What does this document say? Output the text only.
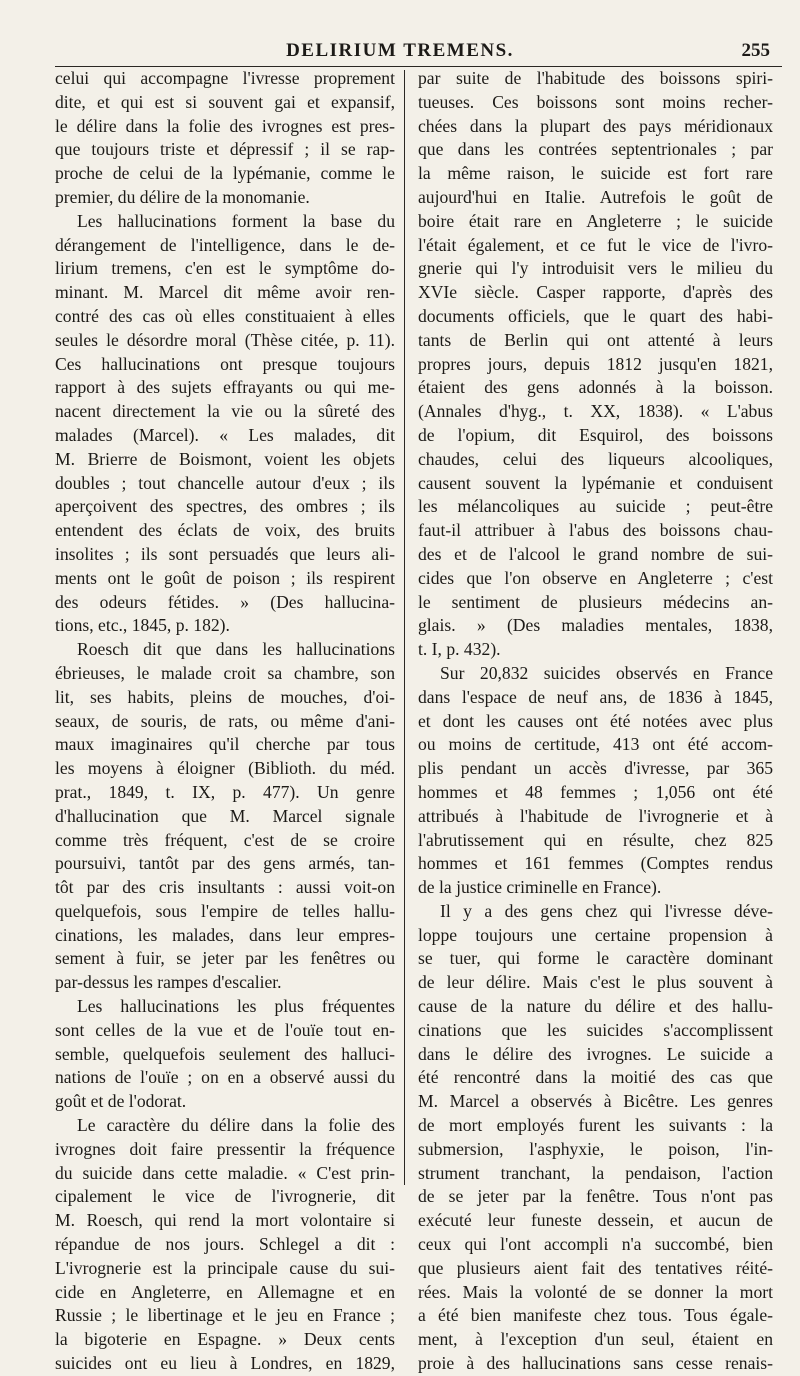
DELIRIUM TREMENS.	255
celui qui accompagne l'ivresse proprement
dite, et qui est si souvent gai et expansif,
le délire dans la folie des ivrognes est pres-
que toujours triste et dépressif ; il se rap-
proche de celui de la lypémanie, comme le
premier, du délire de la monomanie.
Les hallucinations forment la base du
dérangement de l'intelligence, dans le de-
lirium tremens, c'en est le symptôme do-
minant. M. Marcel dit même avoir ren-
contré des cas où elles constituaient à elles
seules le désordre moral (Thèse citée, p. 11).
Ces hallucinations ont presque toujours
rapport à des sujets effrayants ou qui me-
nacent directement la vie ou la sûreté des
malades (Marcel). « Les malades, dit
M. Brierre de Boismont, voient les objets
doubles ; tout chancelle autour d'eux ; ils
aperçoivent des spectres, des ombres ; ils
entendent des éclats de voix, des bruits
insolites ; ils sont persuadés que leurs ali-
ments ont le goût de poison ; ils respirent
des odeurs fétides. » (Des hallucina-
tions, etc., 1845, p. 182).
Roesch dit que dans les hallucinations
ébrieuses, le malade croit sa chambre, son
lit, ses habits, pleins de mouches, d'oi-
seaux, de souris, de rats, ou même d'ani-
maux imaginaires qu'il cherche par tous
les moyens à éloigner (Biblioth. du méd.
prat., 1849, t. IX, p. 477). Un genre
d'hallucination que M. Marcel signale
comme très fréquent, c'est de se croire
poursuivi, tantôt par des gens armés, tan-
tôt par des cris insultants : aussi voit-on
quelquefois, sous l'empire de telles hallu-
cinations, les malades, dans leur empres-
sement à fuir, se jeter par les fenêtres ou
par-dessus les rampes d'escalier.
Les hallucinations les plus fréquentes
sont celles de la vue et de l'ouïe tout en-
semble, quelquefois seulement des halluci-
nations de l'ouïe ; on en a observé aussi du
goût et de l'odorat.
Le caractère du délire dans la folie des
ivrognes doit faire pressentir la fréquence
du suicide dans cette maladie. « C'est prin-
cipalement le vice de l'ivrognerie, dit
M. Roesch, qui rend la mort volontaire si
répandue de nos jours. Schlegel a dit :
L'ivrognerie est la principale cause du sui-
cide en Angleterre, en Allemagne et en
Russie ; le libertinage et le jeu en France ;
la bigoterie en Espagne. » Deux cents
suicides ont eu lieu à Londres, en 1829,
par suite de l'habitude des boissons spiri-
tueuses. Ces boissons sont moins recher-
chées dans la plupart des pays méridionaux
que dans les contrées septentrionales ; par
la même raison, le suicide est fort rare
aujourd'hui en Italie. Autrefois le goût de
boire était rare en Angleterre ; le suicide
l'était également, et ce fut le vice de l'ivro-
gnerie qui l'y introduisit vers le milieu du
XVIe siècle. Casper rapporte, d'après des
documents officiels, que le quart des habi-
tants de Berlin qui ont attenté à leurs
propres jours, depuis 1812 jusqu'en 1821,
étaient des gens adonnés à la boisson.
(Annales d'hyg., t. XX, 1838). « L'abus
de l'opium, dit Esquirol, des boissons
chaudes, celui des liqueurs alcooliques,
causent souvent la lypémanie et conduisent
les mélancoliques au suicide ; peut-être
faut-il attribuer à l'abus des boissons chau-
des et de l'alcool le grand nombre de sui-
cides que l'on observe en Angleterre ; c'est
le sentiment de plusieurs médecins an-
glais. » (Des maladies mentales, 1838,
t. I, p. 432).
Sur 20,832 suicides observés en France
dans l'espace de neuf ans, de 1836 à 1845,
et dont les causes ont été notées avec plus
ou moins de certitude, 413 ont été accom-
plis pendant un accès d'ivresse, par 365
hommes et 48 femmes ; 1,056 ont été
attribués à l'habitude de l'ivrognerie et à
l'abrutissement qui en résulte, chez 825
hommes et 161 femmes (Comptes rendus
de la justice criminelle en France).
Il y a des gens chez qui l'ivresse déve-
loppe toujours une certaine propension à
se tuer, qui forme le caractère dominant
de leur délire. Mais c'est le plus souvent à
cause de la nature du délire et des hallu-
cinations que les suicides s'accomplissent
dans le délire des ivrognes. Le suicide a
été rencontré dans la moitié des cas que
M. Marcel a observés à Bicêtre. Les genres
de mort employés furent les suivants : la
submersion, l'asphyxie, le poison, l'in-
strument tranchant, la pendaison, l'action
de se jeter par la fenêtre. Tous n'ont pas
exécuté leur funeste dessein, et aucun de
ceux qui l'ont accompli n'a succombé, bien
que plusieurs aient fait des tentatives réité-
rées. Mais la volonté de se donner la mort
a été bien manifeste chez tous. Tous égale-
ment, à l'exception d'un seul, étaient en
proie à des hallucinations sans cesse renais-
